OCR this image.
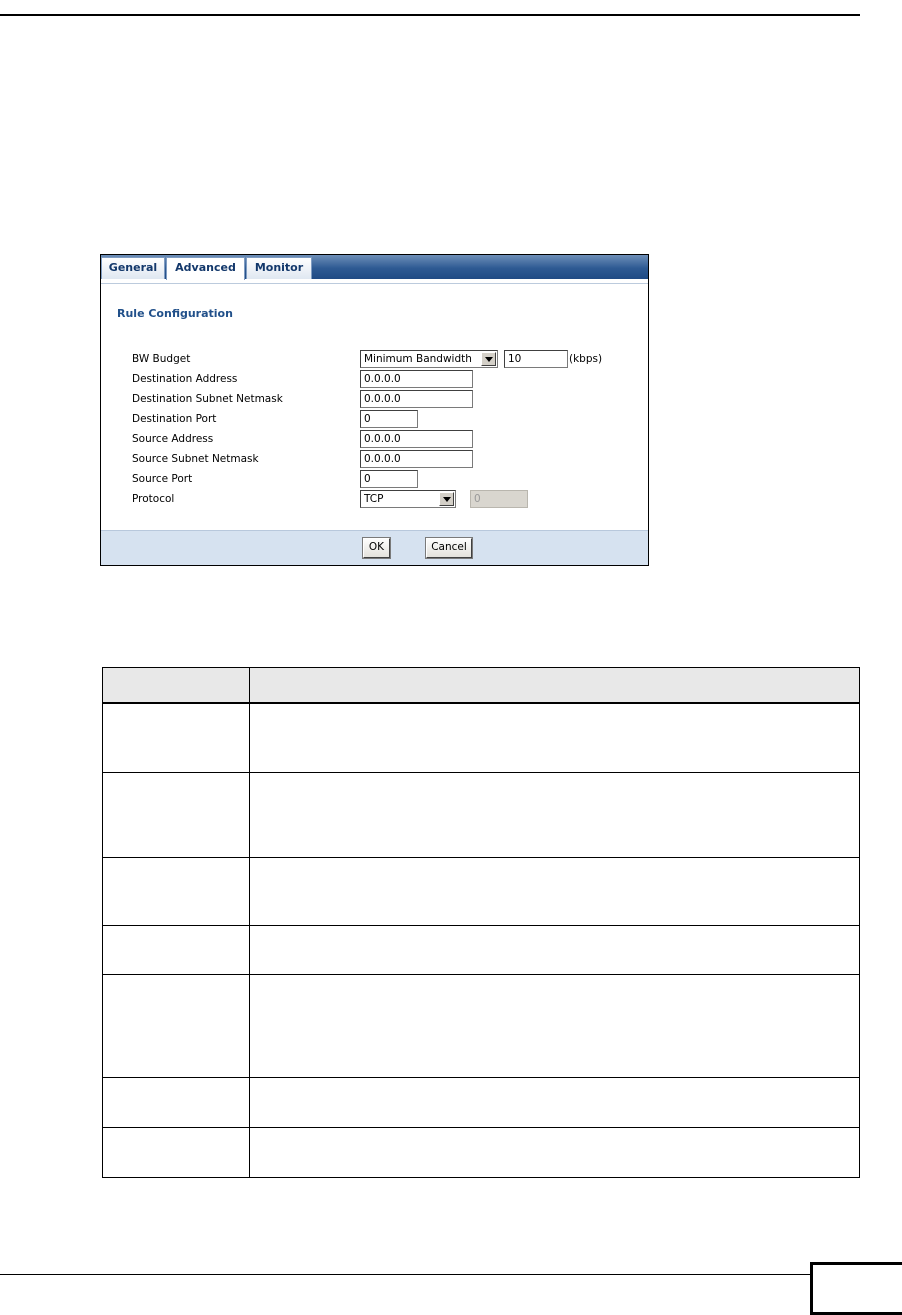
General	Advanced	Monitor
Rule Configuration
BW Budget	Minimum Bandwidth	10	(kbps)
Destination Address	0.0.0.0
Destination Subnet Netmask	0.0.0.0
Destination Port	0
Source Address	0.0.0.0
Source Subnet Netmask	0.0.0.0
Source Port	0
Protocol	TCP	0
OK	Cancel
